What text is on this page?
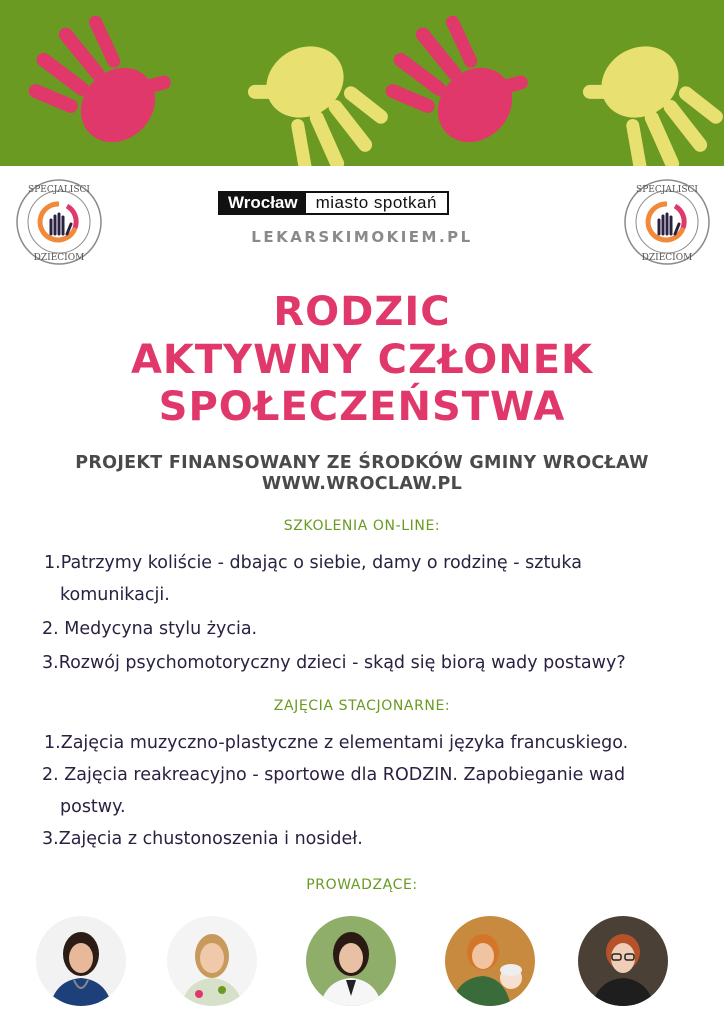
SPECJALIŚCI
DZIECIOM
SPECJALIŚCI
DZIECIOM
Wrocław	miasto spotkań
LEKARSKIMOKIEM.PL
RODZIC
AKTYWNY CZŁONEK
SPOŁECZEŃSTWA
PROJEKT FINANSOWANY ZE ŚRODKÓW GMINY WROCŁAW
WWW.WROCLAW.PL
SZKOLENIA ON-LINE:
1.Patrzymy koliście - dbając o siebie, damy o rodzinę - sztuka
komunikacji.
2. Medycyna stylu życia.
3.Rozwój psychomotoryczny dzieci - skąd się biorą wady postawy?
ZAJĘCIA STACJONARNE:
1.Zajęcia muzyczno-plastyczne z elementami języka francuskiego.
2. Zajęcia reakreacyjno - sportowe dla RODZIN. Zapobieganie wad
postwy.
3.Zajęcia z chustonoszenia i nosideł.
PROWADZĄCE:
